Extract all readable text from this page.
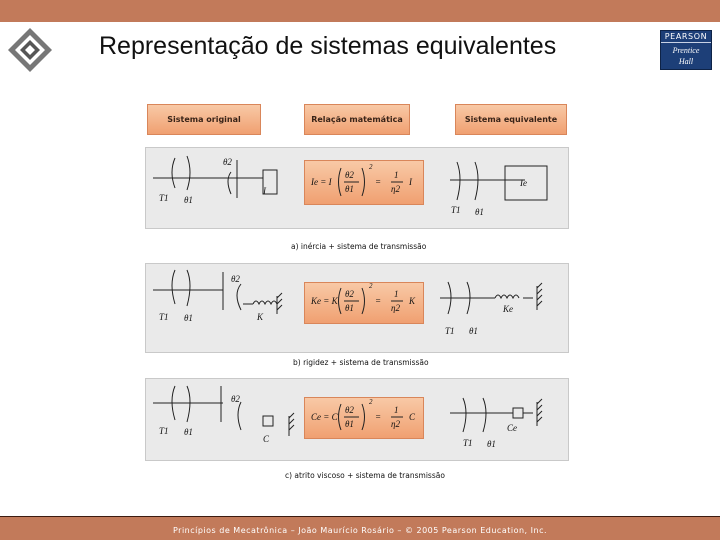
Representação de sistemas equivalentes	PEARSON
Prentice
Hall
Sistema original	Relação matemática	Sistema equivalente
T1 θ1
θ2
I
T1 θ1
Ie
Ie = I
θ2
θ1
2
=
1
η2
I
a) inércia + sistema de transmissão
T1 θ1
θ2
K
T1 θ1
Ke
Ke = K
θ2
θ1
2
=
1
η2
K
b) rigidez + sistema de transmissão
T1 θ1
θ2
C	T1 θ1
Ce
Ce = C
θ2
θ1
2
=
1
η2
C
c) atrito viscoso + sistema de transmissão
Princípios de Mecatrônica – João Maurício Rosário – © 2005 Pearson Education, Inc.
